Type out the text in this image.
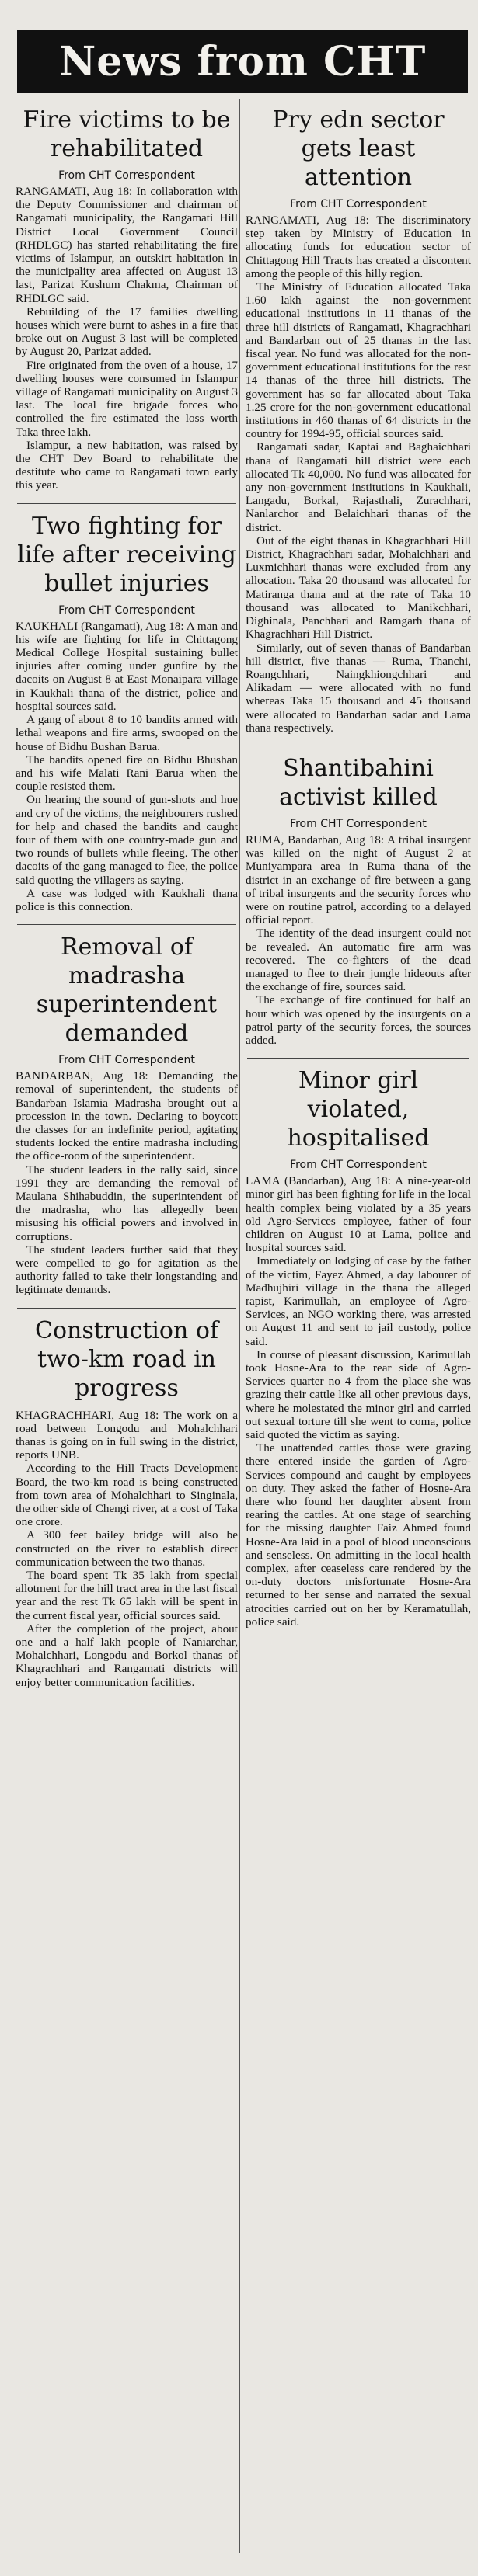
News from CHT
Fire victims to be rehabilitated
From CHT Correspondent

RANGAMATI, Aug 18: In collaboration with the Deputy Commissioner and chairman of Rangamati municipality, the Rangamati Hill District Local Government Council (RHDLGC) has started rehabilitating the fire victims of Islampur, an outskirt habitation in the municipality area affected on August 13 last, Parizat Kushum Chakma, Chairman of RHDLGC said.

Rebuilding of the 17 families dwelling houses which were burnt to ashes in a fire that broke out on August 3 last will be completed by August 20, Parizat added.

Fire originated from the oven of a house, 17 dwelling houses were consumed in Islampur village of Rangamati municipality on August 3 last. The local fire brigade forces who controlled the fire estimated the loss worth Taka three lakh.

Islampur, a new habitation, was raised by the CHT Dev Board to rehabilitate the destitute who came to Rangamati town early this year.

Two fighting for life after receiving bullet injuries
From CHT Correspondent

KAUKHALI (Rangamati), Aug 18: A man and his wife are fighting for life in Chittagong Medical College Hospital sustaining bullet injuries after coming under gunfire by the dacoits on August 8 at East Monaipara village in Kaukhali thana of the district, police and hospital sources said.

A gang of about 8 to 10 bandits armed with lethal weapons and fire arms, swooped on the house of Bidhu Bushan Barua.

The bandits opened fire on Bidhu Bhushan and his wife Malati Rani Barua when the couple resisted them.

On hearing the sound of gun-shots and hue and cry of the victims, the neighbourers rushed for help and chased the bandits and caught four of them with one country-made gun and two rounds of bullets while fleeing. The other dacoits of the gang managed to flee, the police said quoting the villagers as saying.

A case was lodged with Kaukhali thana police is this connection.

Removal of madrasha superintendent demanded
From CHT Correspondent

BANDARBAN, Aug 18: Demanding the removal of superintendent, the students of Bandarban Islamia Madrasha brought out a procession in the town. Declaring to boycott the classes for an indefinite period, agitating students locked the entire madrasha including the office-room of the superintendent.

The student leaders in the rally said, since 1991 they are demanding the removal of Maulana Shihabuddin, the superintendent of the madrasha, who has allegedly been misusing his official powers and involved in corruptions.

The student leaders further said that they were compelled to go for agitation as the authority failed to take their longstanding and legitimate demands.

Construction of two-km road in progress

KHAGRACHHARI, Aug 18: The work on a road between Longodu and Mohalchhari thanas is going on in full swing in the district, reports UNB.

According to the Hill Tracts Development Board, the two-km road is being constructed from town area of Mohalchhari to Singinala, the other side of Chengi river, at a cost of Taka one crore.

A 300 feet bailey bridge will also be constructed on the river to establish direct communication between the two thanas.

The board spent Tk 35 lakh from special allotment for the hill tract area in the last fiscal year and the rest Tk 65 lakh will be spent in the current fiscal year, official sources said.

After the completion of the project, about one and a half lakh people of Naniarchar, Mohalchhari, Longodu and Borkol thanas of Khagrachhari and Rangamati districts will enjoy better communication facilities.

Pry edn sector gets least attention
From CHT Correspondent

RANGAMATI, Aug 18: The discriminatory step taken by Ministry of Education in allocating funds for education sector of Chittagong Hill Tracts has created a discontent among the people of this hilly region.

The Ministry of Education allocated Taka 1.60 lakh against the non-government educational institutions in 11 thanas of the three hill districts of Rangamati, Khagrachhari and Bandarban out of 25 thanas in the last fiscal year. No fund was allocated for the non-government educational institutions for the rest 14 thanas of the three hill districts. The government has so far allocated about Taka 1.25 crore for the non-government educational institutions in 460 thanas of 64 districts in the country for 1994-95, official sources said.

Rangamati sadar, Kaptai and Baghaichhari thana of Rangamati hill district were each allocated Tk 40,000. No fund was allocated for any non-government institutions in Kaukhali, Langadu, Borkal, Rajasthali, Zurachhari, Nanlarchor and Belaichhari thanas of the district.

Out of the eight thanas in Khagrachhari Hill District, Khagrachhari sadar, Mohalchhari and Luxmichhari thanas were excluded from any allocation. Taka 20 thousand was allocated for Matiranga thana and at the rate of Taka 10 thousand was allocated to Manikchhari, Dighinala, Panchhari and Ramgarh thana of Khagrachhari Hill District.

Similarly, out of seven thanas of Bandarban hill district, five thanas — Ruma, Thanchi, Roangchhari, Naingkhiongchhari and Alikadam — were allocated with no fund whereas Taka 15 thousand and 45 thousand were allocated to Bandarban sadar and Lama thana respectively.

Shantibahini activist killed
From CHT Correspondent

RUMA, Bandarban, Aug 18: A tribal insurgent was killed on the night of August 2 at Muniyampara area in Ruma thana of the district in an exchange of fire between a gang of tribal insurgents and the security forces who were on routine patrol, according to a delayed official report.

The identity of the dead insurgent could not be revealed. An automatic fire arm was recovered. The co-fighters of the dead managed to flee to their jungle hideouts after the exchange of fire, sources said.

The exchange of fire continued for half an hour which was opened by the insurgents on a patrol party of the security forces, the sources added.

Minor girl violated, hospitalised
From CHT Correspondent

LAMA (Bandarban), Aug 18: A nine-year-old minor girl has been fighting for life in the local health complex being violated by a 35 years old Agro-Services employee, father of four children on August 10 at Lama, police and hospital sources said.

Immediately on lodging of case by the father of the victim, Fayez Ahmed, a day labourer of Madhujhiri village in the thana the alleged rapist, Karimullah, an employee of Agro-Services, an NGO working there, was arrested on August 11 and sent to jail custody, police said.

In course of pleasant discussion, Karimullah took Hosne-Ara to the rear side of Agro-Services quarter no 4 from the place she was grazing their cattle like all other previous days, where he molestated the minor girl and carried out sexual torture till she went to coma, police said quoted the victim as saying.

The unattended cattles those were grazing there entered inside the garden of Agro-Services compound and caught by employees on duty. They asked the father of Hosne-Ara there who found her daughter absent from rearing the cattles. At one stage of searching for the missing daughter Faiz Ahmed found Hosne-Ara laid in a pool of blood unconscious and senseless. On admitting in the local health complex, after ceaseless care rendered by the on-duty doctors misfortunate Hosne-Ara returned to her sense and narrated the sexual atrocities carried out on her by Keramatullah, police said.
